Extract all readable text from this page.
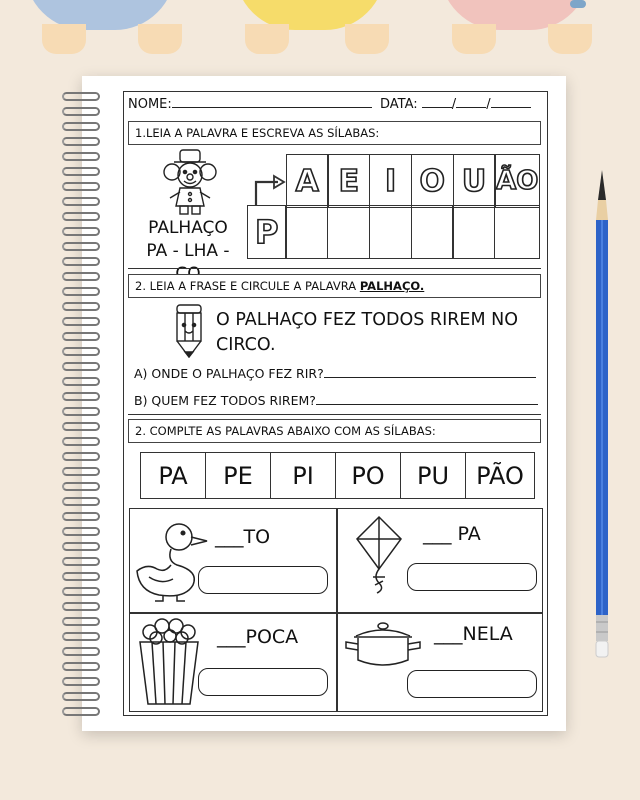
NOME:	DATA:	/ /
1.LEIA A PALAVRA E ESCREVA AS SÍLABAS:
PALHAÇO
PA - LHA -
A E I O U ÃO
P
2. LEIA A FRASE E CIRCULE A PALAVRA PALHAÇO.
O PALHAÇO FEZ TODOS RIREM NO
CIRCO.
A) ONDE O PALHAÇO FEZ RIR?
B) QUEM FEZ TODOS RIREM?
2. COMPLTE AS PALAVRAS ABAIXO COM AS SÍLABAS:
PA	PE	PI	PO	PU	PÃO
___TO	___ PA
___POCA	___NELA
